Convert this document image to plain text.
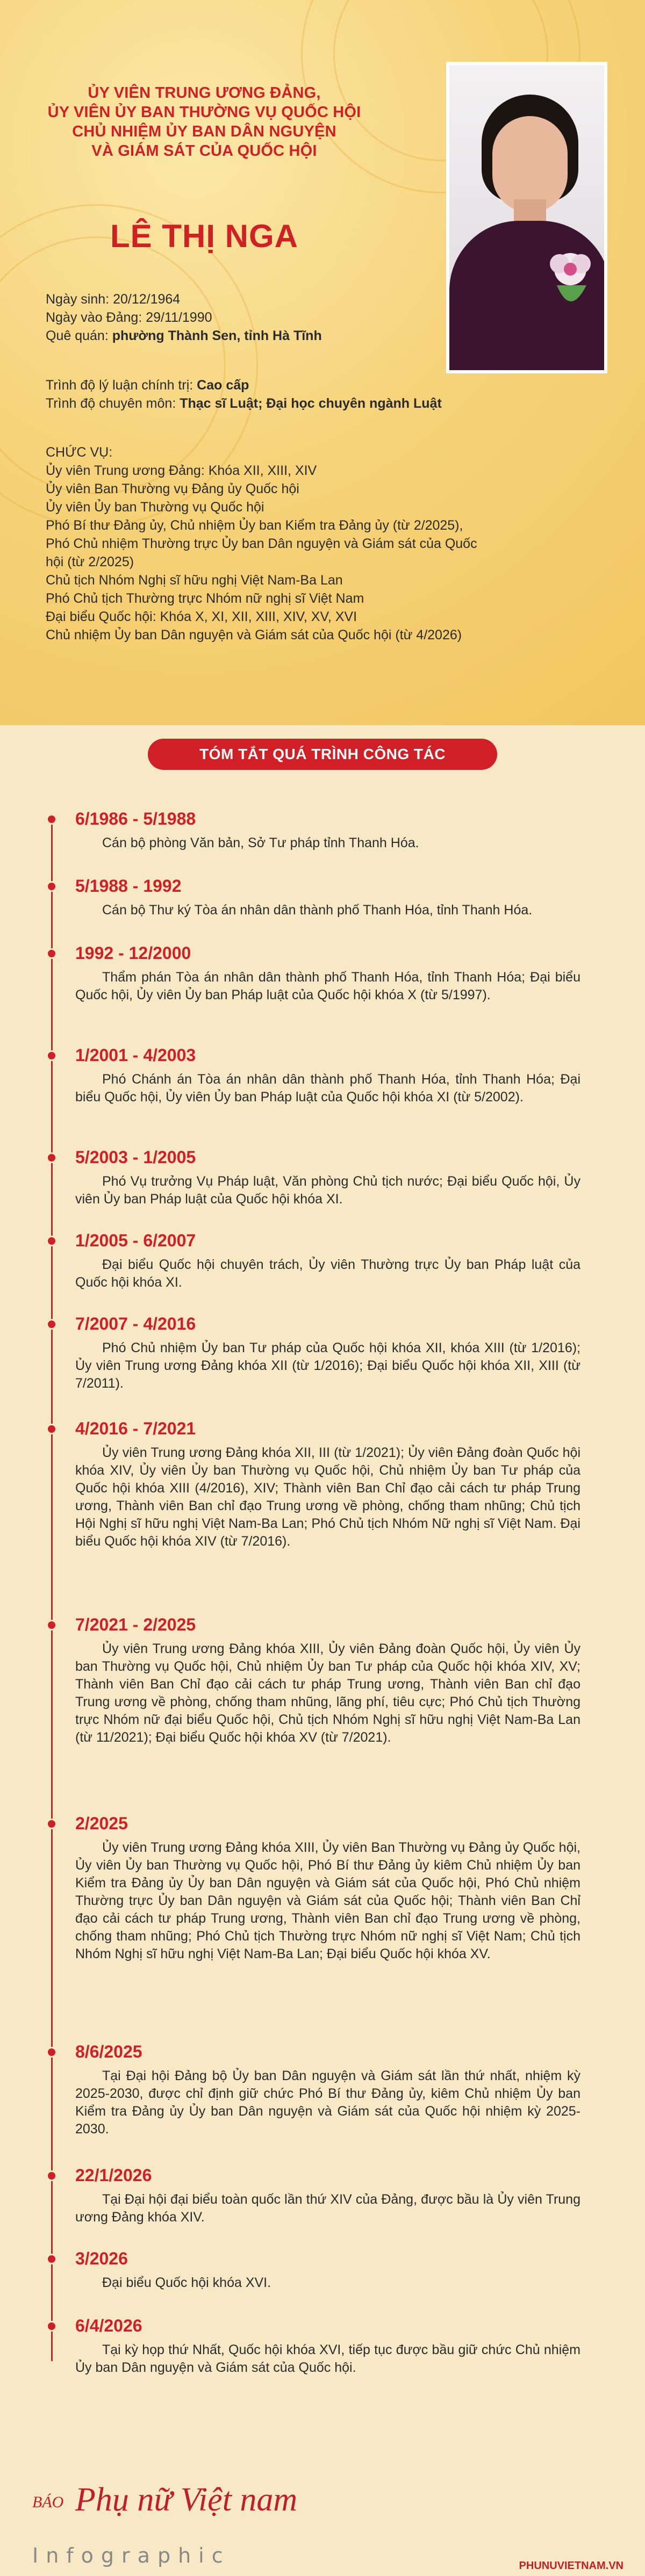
ỦY VIÊN TRUNG ƯƠNG ĐẢNG,
ỦY VIÊN ỦY BAN THƯỜNG VỤ QUỐC HỘI
CHỦ NHIỆM ỦY BAN DÂN NGUYỆN
VÀ GIÁM SÁT CỦA QUỐC HỘI
LÊ THỊ NGA
Ngày sinh: 20/12/1964
Ngày vào Đảng: 29/11/1990
Quê quán: phường Thành Sen, tỉnh Hà Tĩnh
Trình độ lý luận chính trị: Cao cấp
Trình độ chuyên môn: Thạc sĩ Luật; Đại học chuyên ngành Luật
CHỨC VỤ:
Ủy viên Trung ương Đảng: Khóa XII, XIII, XIV
Ủy viên Ban Thường vụ Đảng ủy Quốc hội
Ủy viên Ủy ban Thường vụ Quốc hội
Phó Bí thư Đảng ủy, Chủ nhiệm Ủy ban Kiểm tra Đảng ủy (từ 2/2025),
Phó Chủ nhiệm Thường trực Ủy ban Dân nguyện và Giám sát của Quốc
hội (từ 2/2025)
Chủ tịch Nhóm Nghị sĩ hữu nghị Việt Nam-Ba Lan
Phó Chủ tịch Thường trực Nhóm nữ nghị sĩ Việt Nam
Đại biểu Quốc hội: Khóa X, XI, XII, XIII, XIV, XV, XVI
Chủ nhiệm Ủy ban Dân nguyện và Giám sát của Quốc hội (từ 4/2026)
TÓM TẮT QUÁ TRÌNH CÔNG TÁC
6/1986 - 5/1988
Cán bộ phòng Văn bản, Sở Tư pháp tỉnh Thanh Hóa.
5/1988 - 1992
Cán bộ Thư ký Tòa án nhân dân thành phố Thanh Hóa, tỉnh Thanh Hóa.
1992 - 12/2000
Thẩm phán Tòa án nhân dân thành phố Thanh Hóa, tỉnh Thanh Hóa; Đại biểu Quốc hội, Ủy viên Ủy ban Pháp luật của Quốc hội khóa X (từ 5/1997).
1/2001 - 4/2003
Phó Chánh án Tòa án nhân dân thành phố Thanh Hóa, tỉnh Thanh Hóa; Đại biểu Quốc hội, Ủy viên Ủy ban Pháp luật của Quốc hội khóa XI (từ 5/2002).
5/2003 - 1/2005
Phó Vụ trưởng Vụ Pháp luật, Văn phòng Chủ tịch nước; Đại biểu Quốc hội, Ủy viên Ủy ban Pháp luật của Quốc hội khóa XI.
1/2005 - 6/2007
Đại biểu Quốc hội chuyên trách, Ủy viên Thường trực Ủy ban Pháp luật của Quốc hội khóa XI.
7/2007 - 4/2016
Phó Chủ nhiệm Ủy ban Tư pháp của Quốc hội khóa XII, khóa XIII (từ 1/2016); Ủy viên Trung ương Đảng khóa XII (từ 1/2016); Đại biểu Quốc hội khóa XII, XIII (từ 7/2011).
4/2016 - 7/2021
Ủy viên Trung ương Đảng khóa XII, III (từ 1/2021); Ủy viên Đảng đoàn Quốc hội khóa XIV, Ủy viên Ủy ban Thường vụ Quốc hội, Chủ nhiệm Ủy ban Tư pháp của Quốc hội khóa XIII (4/2016), XIV; Thành viên Ban Chỉ đạo cải cách tư pháp Trung ương, Thành viên Ban chỉ đạo Trung ương về phòng, chống tham nhũng; Chủ tịch Hội Nghị sĩ hữu nghị Việt Nam-Ba Lan; Phó Chủ tịch Nhóm Nữ nghị sĩ Việt Nam. Đại biểu Quốc hội khóa XIV (từ 7/2016).
7/2021 - 2/2025
Ủy viên Trung ương Đảng khóa XIII, Ủy viên Đảng đoàn Quốc hội, Ủy viên Ủy ban Thường vụ Quốc hội, Chủ nhiệm Ủy ban Tư pháp của Quốc hội khóa XIV, XV; Thành viên Ban Chỉ đạo cải cách tư pháp Trung ương, Thành viên Ban chỉ đạo Trung ương về phòng, chống tham nhũng, lãng phí, tiêu cực; Phó Chủ tịch Thường trực Nhóm nữ đại biểu Quốc hội, Chủ tịch Nhóm Nghị sĩ hữu nghị Việt Nam-Ba Lan (từ 11/2021); Đại biểu Quốc hội khóa XV (từ 7/2021).
2/2025
Ủy viên Trung ương Đảng khóa XIII, Ủy viên Ban Thường vụ Đảng ủy Quốc hội, Ủy viên Ủy ban Thường vụ Quốc hội, Phó Bí thư Đảng ủy kiêm Chủ nhiệm Ủy ban Kiểm tra Đảng ủy Ủy ban Dân nguyện và Giám sát của Quốc hội, Phó Chủ nhiệm Thường trực Ủy ban Dân nguyện và Giám sát của Quốc hội; Thành viên Ban Chỉ đạo cải cách tư pháp Trung ương, Thành viên Ban chỉ đạo Trung ương về phòng, chống tham nhũng; Phó Chủ tịch Thường trực Nhóm nữ nghị sĩ Việt Nam; Chủ tịch Nhóm Nghị sĩ hữu nghị Việt Nam-Ba Lan; Đại biểu Quốc hội khóa XV.
8/6/2025
Tại Đại hội Đảng bộ Ủy ban Dân nguyện và Giám sát lần thứ nhất, nhiệm kỳ 2025-2030, được chỉ định giữ chức Phó Bí thư Đảng ủy, kiêm Chủ nhiệm Ủy ban Kiểm tra Đảng ủy Ủy ban Dân nguyện và Giám sát của Quốc hội nhiệm kỳ 2025-2030.
22/1/2026
Tại Đại hội đại biểu toàn quốc lần thứ XIV của Đảng, được bầu là Ủy viên Trung ương Đảng khóa XIV.
3/2026
Đại biểu Quốc hội khóa XVI.
6/4/2026
Tại kỳ họp thứ Nhất, Quốc hội khóa XVI, tiếp tục được bầu giữ chức Chủ nhiệm Ủy ban Dân nguyện và Giám sát của Quốc hội.
BÁO Phụ nữ Việt nam
Infographic	PHUNUVIETNAM.VN
